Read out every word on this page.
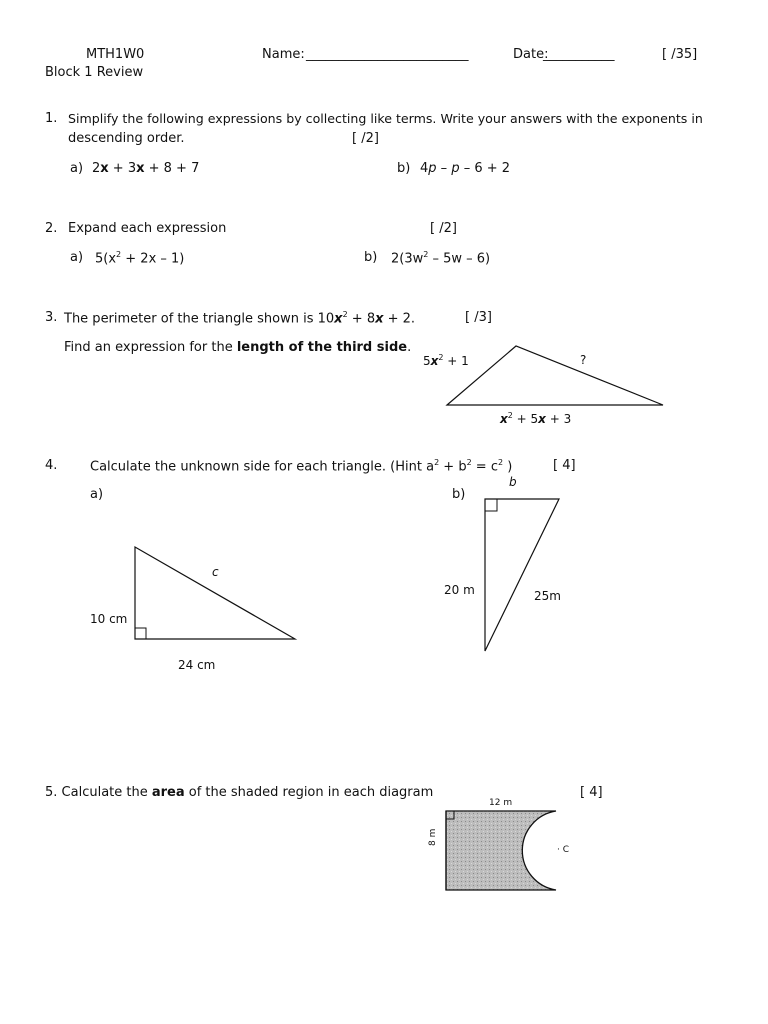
MTH1W0
Block 1 Review
Name: _________________________	Date:
___________	[ /35]
1. Simplify the following expressions by collecting like terms. Write your answers with the exponents in
descending order.	[ /2]
a) 2x + 3x + 8 + 7	b) 4p – p – 6 + 2
2. Expand each expression	[ /2]
a) $5(x^2 + 2x - 1)$	b) $2(3w^2 - 5w - 6)$
3. The perimeter of the triangle shown is $10x^2 + 8x + 2$.	[ /3]
Find an expression for the length of the third side.
$5x^2 + 1$	?
$x^2 + 5x + 3$
4.	Calculate the unknown side for each triangle. (Hint $a^2 + b^2 = c^2$ )	[ 4]
a)	b)
c
10 cm
24 cm
b
20 m	25m
5. Calculate the area of the shaded region in each diagram	[ 4]
12 m
8 m
· C
